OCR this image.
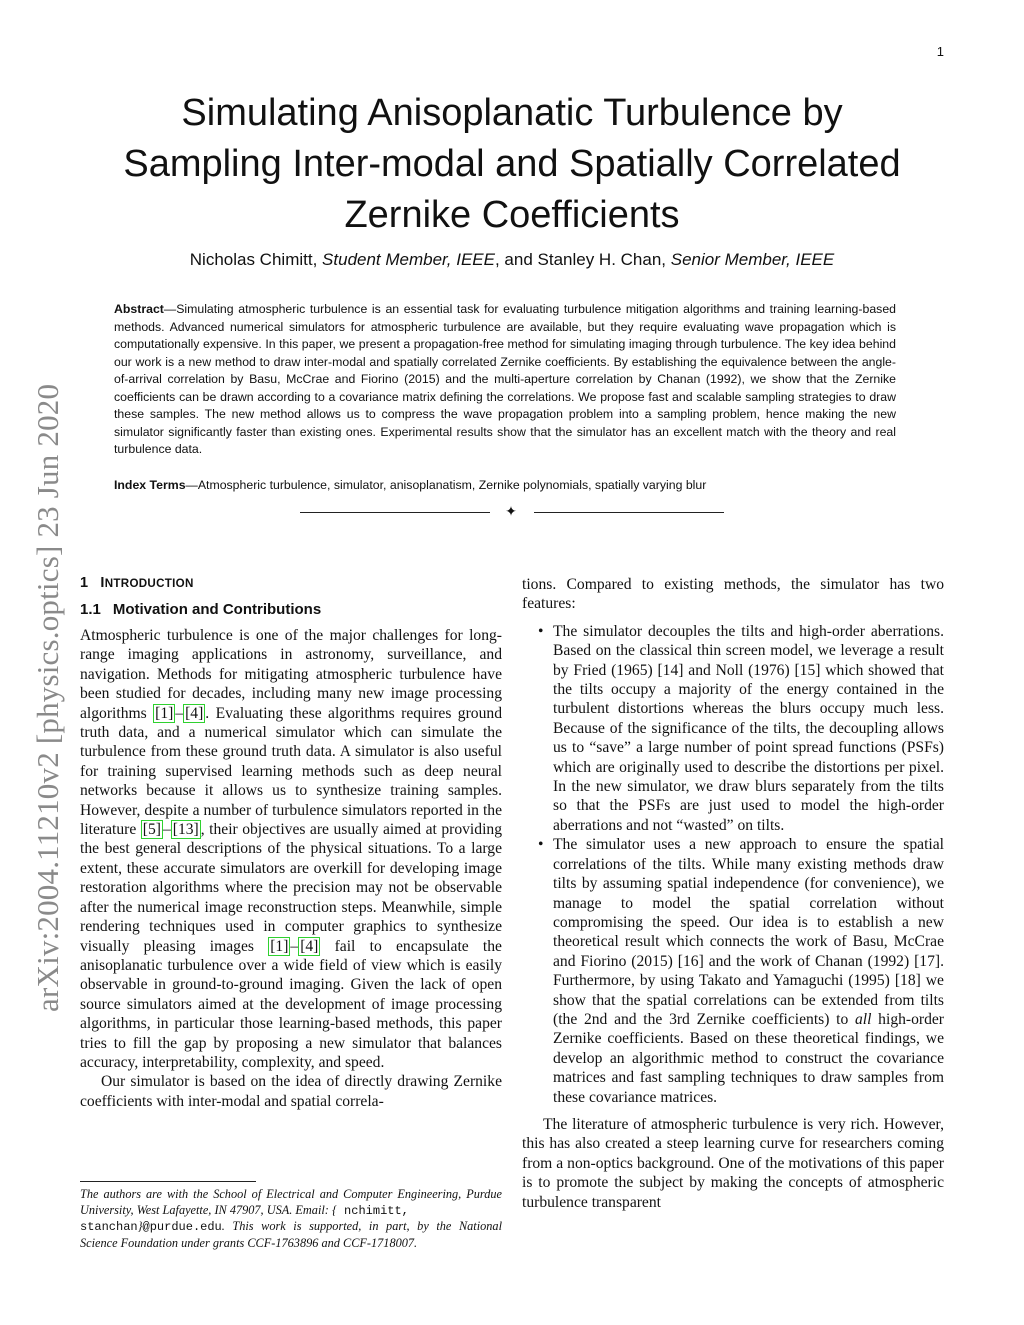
1
arXiv:2004.11210v2 [physics.optics] 23 Jun 2020
Simulating Anisoplanatic Turbulence by
Sampling Inter-modal and Spatially Correlated
Zernike Coefficients
Nicholas Chimitt, Student Member, IEEE, and Stanley H. Chan, Senior Member, IEEE
Abstract—Simulating atmospheric turbulence is an essential task for evaluating turbulence mitigation algorithms and training learning-based methods. Advanced numerical simulators for atmospheric turbulence are available, but they require evaluating wave propagation which is computationally expensive. In this paper, we present a propagation-free method for simulating imaging through turbulence. The key idea behind our work is a new method to draw inter-modal and spatially correlated Zernike coefficients. By establishing the equivalence between the angle-of-arrival correlation by Basu, McCrae and Fiorino (2015) and the multi-aperture correlation by Chanan (1992), we show that the Zernike coefficients can be drawn according to a covariance matrix defining the correlations. We propose fast and scalable sampling strategies to draw these samples. The new method allows us to compress the wave propagation problem into a sampling problem, hence making the new simulator significantly faster than existing ones. Experimental results show that the simulator has an excellent match with the theory and real turbulence data.
Index Terms—Atmospheric turbulence, simulator, anisoplanatism, Zernike polynomials, spatially varying blur
✦
1 INTRODUCTION
1.1 Motivation and Contributions

Atmospheric turbulence is one of the major challenges for long-range imaging applications in astronomy, surveillance, and navigation. Methods for mitigating atmospheric turbulence have been studied for decades, including many new image processing algorithms [1] – [4] . Evaluating these algorithms requires ground truth data, and a numerical simulator which can simulate the turbulence from these ground truth data. A simulator is also useful for training supervised learning methods such as deep neural networks because it allows us to synthesize training samples. However, despite a number of turbulence simulators reported in the literature [5] – [13] , their objectives are usually aimed at providing the best general descriptions of the physical situations. To a large extent, these accurate simulators are overkill for developing image restoration algorithms where the precision may not be observable after the numerical image reconstruction steps. Meanwhile, simple rendering techniques used in computer graphics to synthesize visually pleasing images [1] – [4] fail to encapsulate the anisoplanatic turbulence over a wide field of view which is easily observable in ground-to-ground imaging. Given the lack of open source simulators aimed at the development of image processing algorithms, in particular those learning-based methods, this paper tries to fill the gap by proposing a new simulator that balances accuracy, interpretability, complexity, and speed.

Our simulator is based on the idea of directly drawing Zernike coefficients with inter-modal and spatial correla-

tions. Compared to existing methods, the simulator has two features:

• The simulator decouples the tilts and high-order aberrations. Based on the classical thin screen model, we leverage a result by Fried (1965) [14] and Noll (1976) [15] which showed that the tilts occupy a majority of the energy contained in the turbulent distortions whereas the blurs occupy much less. Because of the significance of the tilts, the decoupling allows us to “save” a large number of point spread functions (PSFs) which are originally used to describe the distortions per pixel. In the new simulator, we draw blurs separately from the tilts so that the PSFs are just used to model the high-order aberrations and not “wasted” on tilts.
• The simulator uses a new approach to ensure the spatial correlations of the tilts. While many existing methods draw tilts by assuming spatial independence (for convenience), we manage to model the spatial correlation without compromising the speed. Our idea is to establish a new theoretical result which connects the work of Basu, McCrae and Fiorino (2015) [16] and the work of Chanan (1992) [17]. Furthermore, by using Takato and Yamaguchi (1995) [18] we show that the spatial correlations can be extended from tilts (the 2nd and the 3rd Zernike coefficients) to all high-order Zernike coefficients. Based on these theoretical findings, we develop an algorithmic method to construct the covariance matrices and fast sampling techniques to draw samples from these covariance matrices.

The literature of atmospheric turbulence is very rich. However, this has also created a steep learning curve for researchers coming from a non-optics background. One of the motivations of this paper is to promote the subject by making the concepts of atmospheric turbulence transparent

The authors are with the School of Electrical and Computer Engineering, Purdue University, West Lafayette, IN 47907, USA. Email: { nchimitt,
stanchan}@purdue.edu. This work is supported, in part, by the National Science Foundation under grants CCF-1763896 and CCF-1718007.
